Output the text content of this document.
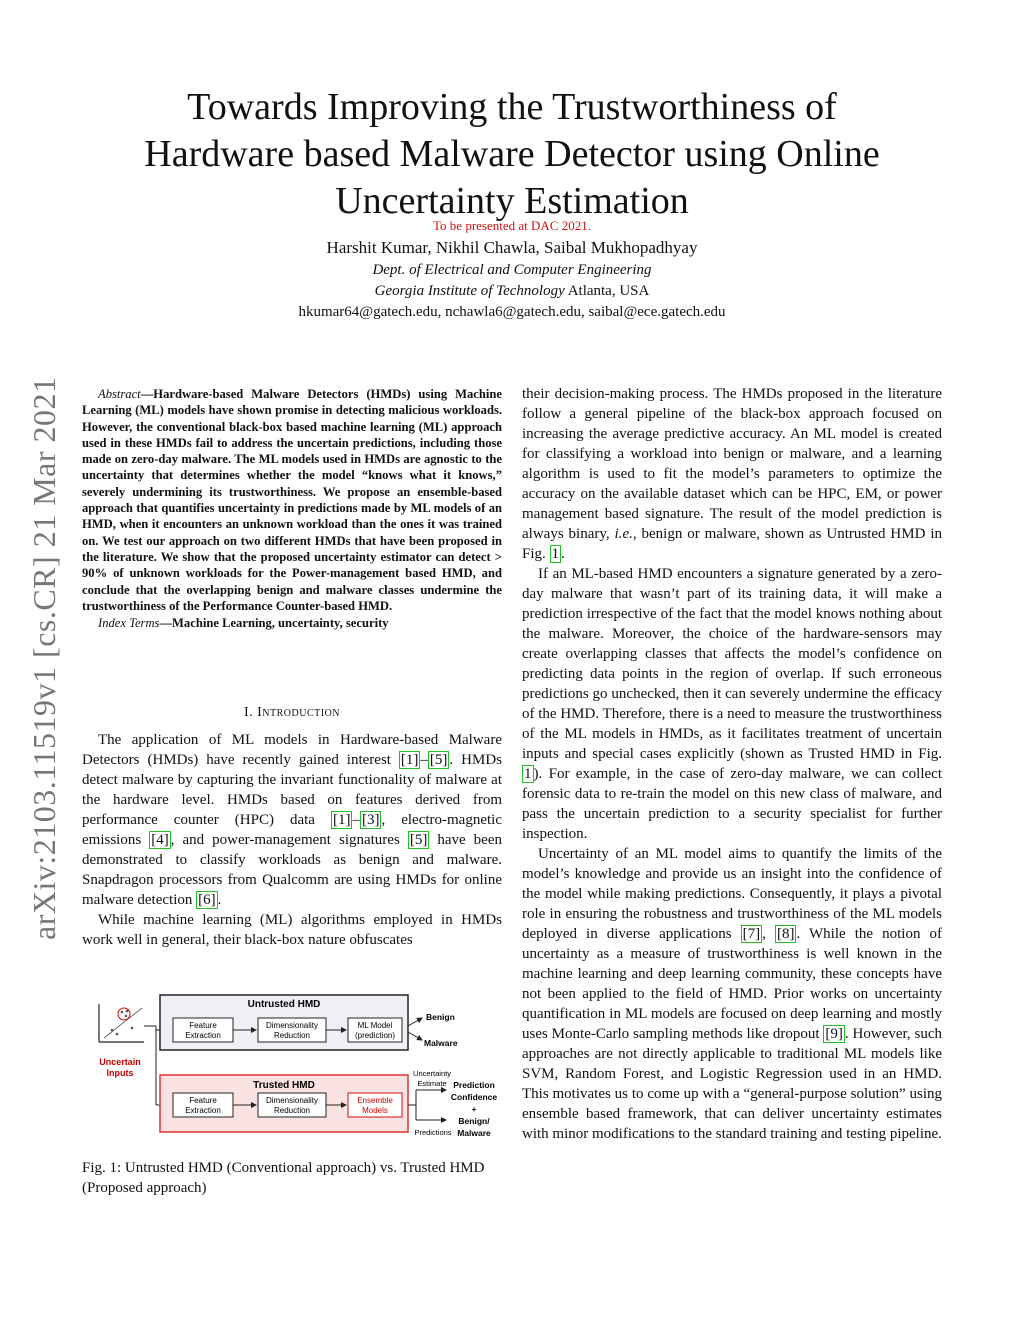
Towards Improving the Trustworthiness of
Hardware based Malware Detector using Online
Uncertainty Estimation
To be presented at DAC 2021.
Harshit Kumar, Nikhil Chawla, Saibal Mukhopadhyay
Dept. of Electrical and Computer Engineering
Georgia Institute of Technology Atlanta, USA
hkumar64@gatech.edu, nchawla6@gatech.edu, saibal@ece.gatech.edu
arXiv:2103.11519v1 [cs.CR] 21 Mar 2021	Abstract—Hardware-based Malware Detectors (HMDs) using Machine Learning (ML) models have shown promise in detecting malicious workloads. However, the conventional black-box based machine learning (ML) approach used in these HMDs fail to address the uncertain predictions, including those made on zero-day malware. The ML models used in HMDs are agnostic to the uncertainty that determines whether the model “knows what it knows,” severely undermining its trustworthiness. We propose an ensemble-based approach that quantifies uncertainty in predictions made by ML models of an HMD, when it encounters an unknown workload than the ones it was trained on. We test our approach on two different HMDs that have been proposed in the literature. We show that the proposed uncertainty estimator can detect > 90% of unknown workloads for the Power-management based HMD, and conclude that the overlapping benign and malware classes undermine the trustworthiness of the Performance Counter-based HMD.

Index Terms—Machine Learning, uncertainty, security

I. Introduction

The application of ML models in Hardware-based Malware Detectors (HMDs) have recently gained interest [1] – [5] . HMDs detect malware by capturing the invariant functionality of malware at the hardware level. HMDs based on features derived from performance counter (HPC) data [1] – [3] , electro-magnetic emissions [4] , and power-management signatures [5] have been demonstrated to classify workloads as benign and malware. Snapdragon processors from Qualcomm are using HMDs for online malware detection [6] .

While machine learning (ML) algorithms employed in HMDs work well in general, their black-box nature obfuscates

Uncertain Inputs
Untrusted HMD
Feature
Extraction
Dimensionality
Reduction
ML Model
(prediction)
Benign
Malware
Trusted HMD
Feature
Extraction
Dimensionality
Reduction
Ensemble
Models
Uncertainty
Estimate
Predictions
Prediction
Confidence
+
Benign/
Malware
Fig. 1: Untrusted HMD (Conventional approach) vs. Trusted HMD (Proposed approach)

their decision-making process. The HMDs proposed in the literature follow a general pipeline of the black-box approach focused on increasing the average predictive accuracy. An ML model is created for classifying a workload into benign or malware, and a learning algorithm is used to fit the model’s parameters to optimize the accuracy on the available dataset which can be HPC, EM, or power management based signature. The result of the model prediction is always binary, i.e., benign or malware, shown as Untrusted HMD in Fig. 1 .

If an ML-based HMD encounters a signature generated by a zero-day malware that wasn’t part of its training data, it will make a prediction irrespective of the fact that the model knows nothing about the malware. Moreover, the choice of the hardware-sensors may create overlapping classes that affects the model’s confidence on predicting data points in the region of overlap. If such erroneous predictions go unchecked, then it can severely undermine the efficacy of the HMD. Therefore, there is a need to measure the trustworthiness of the ML models in HMDs, as it facilitates treatment of uncertain inputs and special cases explicitly (shown as Trusted HMD in Fig. 1 ). For example, in the case of zero-day malware, we can collect forensic data to re-train the model on this new class of malware, and pass the uncertain prediction to a security specialist for further inspection.

Uncertainty of an ML model aims to quantify the limits of the model’s knowledge and provide us an insight into the confidence of the model while making predictions. Consequently, it plays a pivotal role in ensuring the robustness and trustworthiness of the ML models deployed in diverse applications [7] , [8] . While the notion of uncertainty as a measure of trustworthiness is well known in the machine learning and deep learning community, these concepts have not been applied to the field of HMD. Prior works on uncertainty quantification in ML models are focused on deep learning and mostly uses Monte-Carlo sampling methods like dropout [9] . However, such approaches are not directly applicable to traditional ML models like SVM, Random Forest, and Logistic Regression used in an HMD. This motivates us to come up with a “general-purpose solution” using ensemble based framework, that can deliver uncertainty estimates with minor modifications to the standard training and testing pipeline.
